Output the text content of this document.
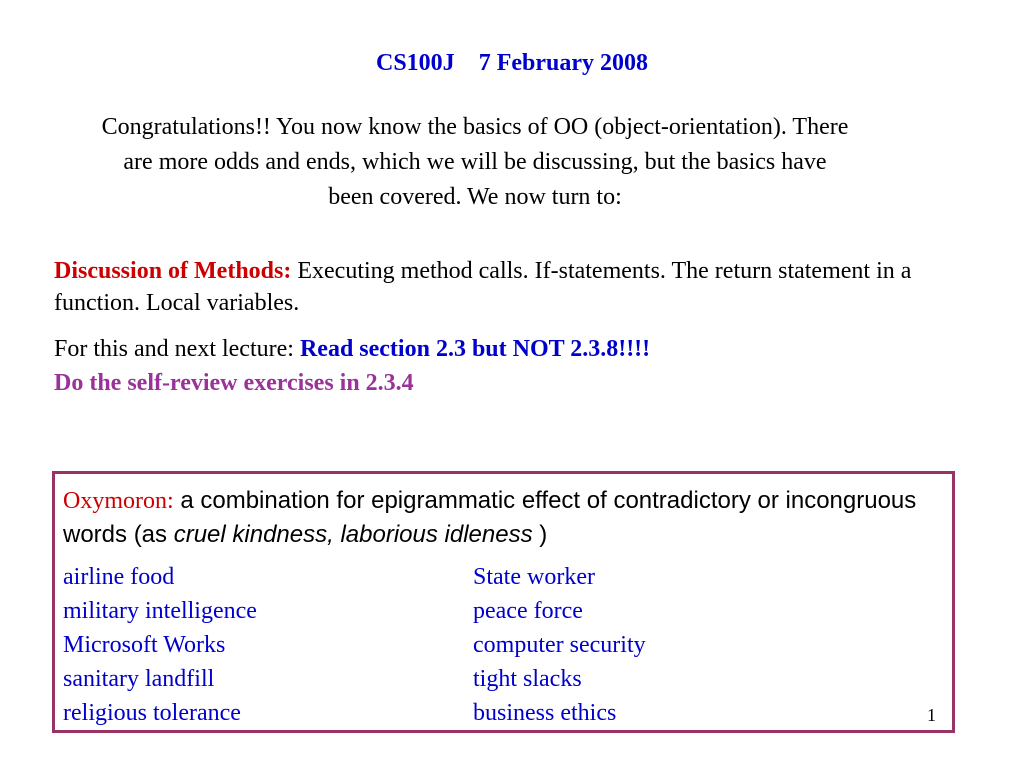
CS100J 7 February 2008
Congratulations!! You now know the basics of OO (object-orientation). There are more odds and ends, which we will be discussing, but the basics have been covered. We now turn to:
Discussion of Methods: Executing method calls. If-statements. The return statement in a function. Local variables.
For this and next lecture: Read section 2.3 but NOT 2.3.8!!!!
Do the self-review exercises in 2.3.4
Oxymoron: a combination for epigrammatic effect of contradictory or incongruous words (as cruel kindness, laborious idleness )
airline food
military intelligence
Microsoft Works
sanitary landfill
religious tolerance
State worker
peace force
computer security
tight slacks
business ethics	1
